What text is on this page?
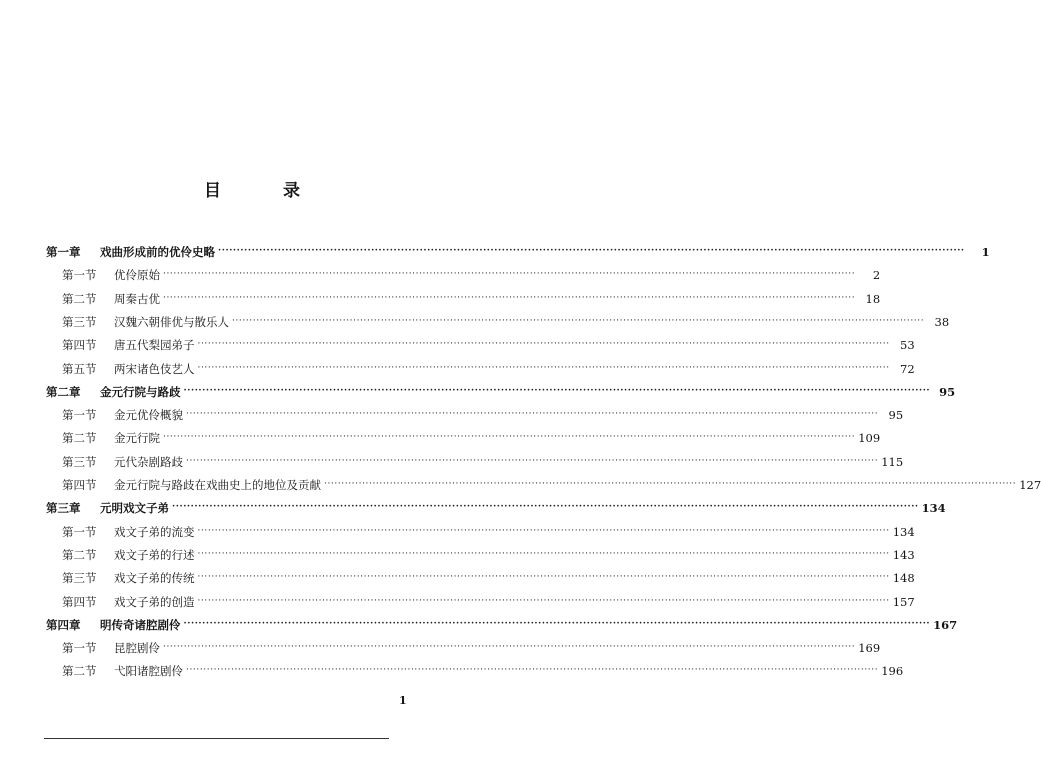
目 录
第一章	戏曲形成前的优伶史略 ········································································································································································································	1
第一节	优伶原始 ········································································································································································································	2
第二节	周秦古优 ········································································································································································································ 18
第三节	汉魏六朝俳优与散乐人 ········································································································································································································ 38
第四节	唐五代梨园弟子 ········································································································································································································ 53
第五节	两宋诸色伎艺人 ········································································································································································································ 72
第二章	金元行院与路歧 ········································································································································································································ 95
第一节	金元优伶概貌 ········································································································································································································ 95
第二节	金元行院 ········································································································································································································ 109
第三节	元代杂剧路歧 ········································································································································································································ 115
第四节	金元行院与路歧在戏曲史上的地位及贡献 ········································································································································································································ 127
第三章	元明戏文子弟 ········································································································································································································ 134
第一节	戏文子弟的流变 ········································································································································································································ 134
第二节	戏文子弟的行述 ········································································································································································································ 143
第三节	戏文子弟的传统 ········································································································································································································ 148
第四节	戏文子弟的创造 ········································································································································································································ 157
第四章	明传奇诸腔剧伶 ········································································································································································································ 167
第一节	昆腔剧伶 ········································································································································································································ 169
第二节	弋阳诸腔剧伶 ········································································································································································································ 196
1
